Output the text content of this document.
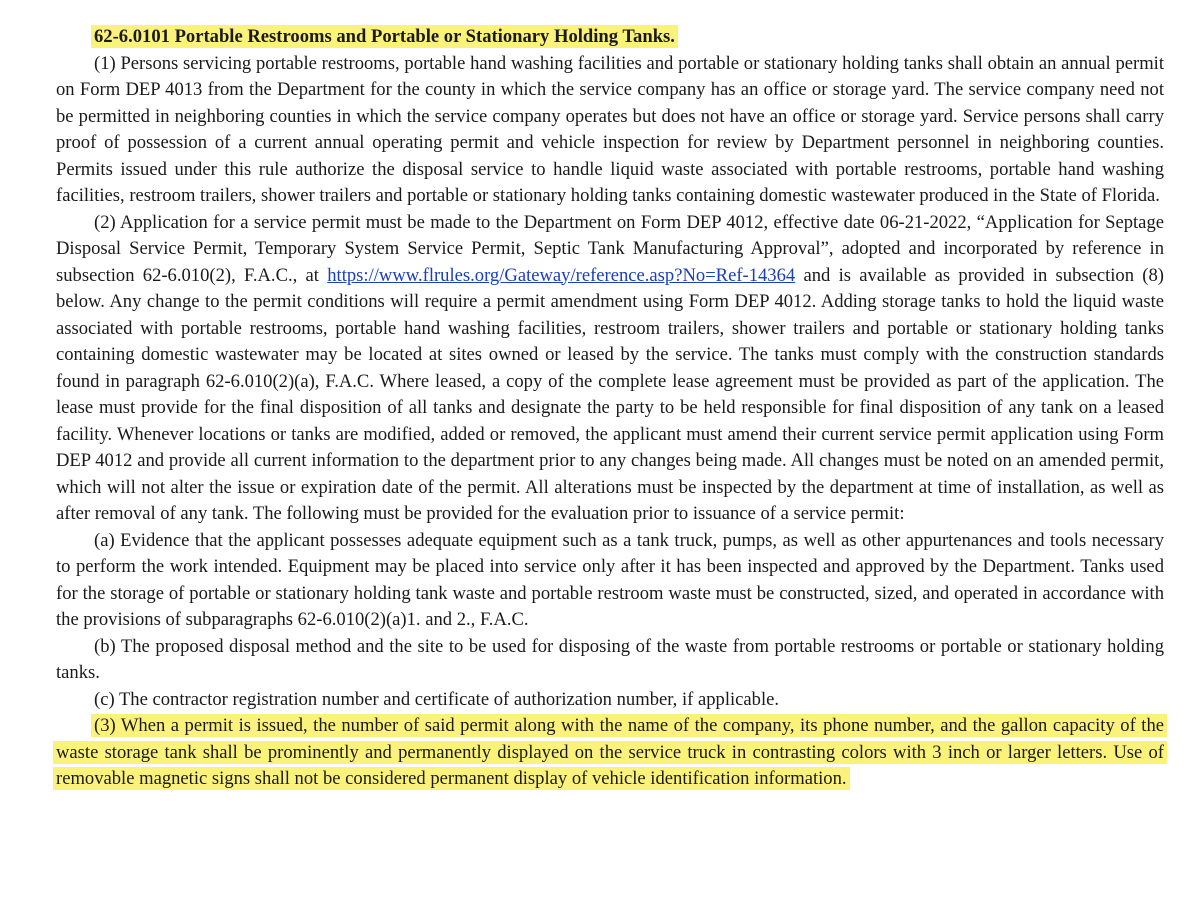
62-6.0101 Portable Restrooms and Portable or Stationary Holding Tanks.

(1) Persons servicing portable restrooms, portable hand washing facilities and portable or stationary holding tanks shall obtain an annual permit on Form DEP 4013 from the Department for the county in which the service company has an office or storage yard. The service company need not be permitted in neighboring counties in which the service company operates but does not have an office or storage yard. Service persons shall carry proof of possession of a current annual operating permit and vehicle inspection for review by Department personnel in neighboring counties. Permits issued under this rule authorize the disposal service to handle liquid waste associated with portable restrooms, portable hand washing facilities, restroom trailers, shower trailers and portable or stationary holding tanks containing domestic wastewater produced in the State of Florida.

(2) Application for a service permit must be made to the Department on Form DEP 4012, effective date 06-21-2022, “Application for Septage Disposal Service Permit, Temporary System Service Permit, Septic Tank Manufacturing Approval”, adopted and incorporated by reference in subsection 62-6.010(2), F.A.C., at https://www.flrules.org/Gateway/reference.asp?No=Ref-14364 and is available as provided in subsection (8) below. Any change to the permit conditions will require a permit amendment using Form DEP 4012. Adding storage tanks to hold the liquid waste associated with portable restrooms, portable hand washing facilities, restroom trailers, shower trailers and portable or stationary holding tanks containing domestic wastewater may be located at sites owned or leased by the service. The tanks must comply with the construction standards found in paragraph 62-6.010(2)(a), F.A.C. Where leased, a copy of the complete lease agreement must be provided as part of the application. The lease must provide for the final disposition of all tanks and designate the party to be held responsible for final disposition of any tank on a leased facility. Whenever locations or tanks are modified, added or removed, the applicant must amend their current service permit application using Form DEP 4012 and provide all current information to the department prior to any changes being made. All changes must be noted on an amended permit, which will not alter the issue or expiration date of the permit. All alterations must be inspected by the department at time of installation, as well as after removal of any tank. The following must be provided for the evaluation prior to issuance of a service permit:

(a) Evidence that the applicant possesses adequate equipment such as a tank truck, pumps, as well as other appurtenances and tools necessary to perform the work intended. Equipment may be placed into service only after it has been inspected and approved by the Department. Tanks used for the storage of portable or stationary holding tank waste and portable restroom waste must be constructed, sized, and operated in accordance with the provisions of subparagraphs 62-6.010(2)(a)1. and 2., F.A.C.

(b) The proposed disposal method and the site to be used for disposing of the waste from portable restrooms or portable or stationary holding tanks.

(c) The contractor registration number and certificate of authorization number, if applicable.

(3) When a permit is issued, the number of said permit along with the name of the company, its phone number, and the gallon capacity of the waste storage tank shall be prominently and permanently displayed on the service truck in contrasting colors with 3 inch or larger letters. Use of removable magnetic signs shall not be considered permanent display of vehicle identification information.
